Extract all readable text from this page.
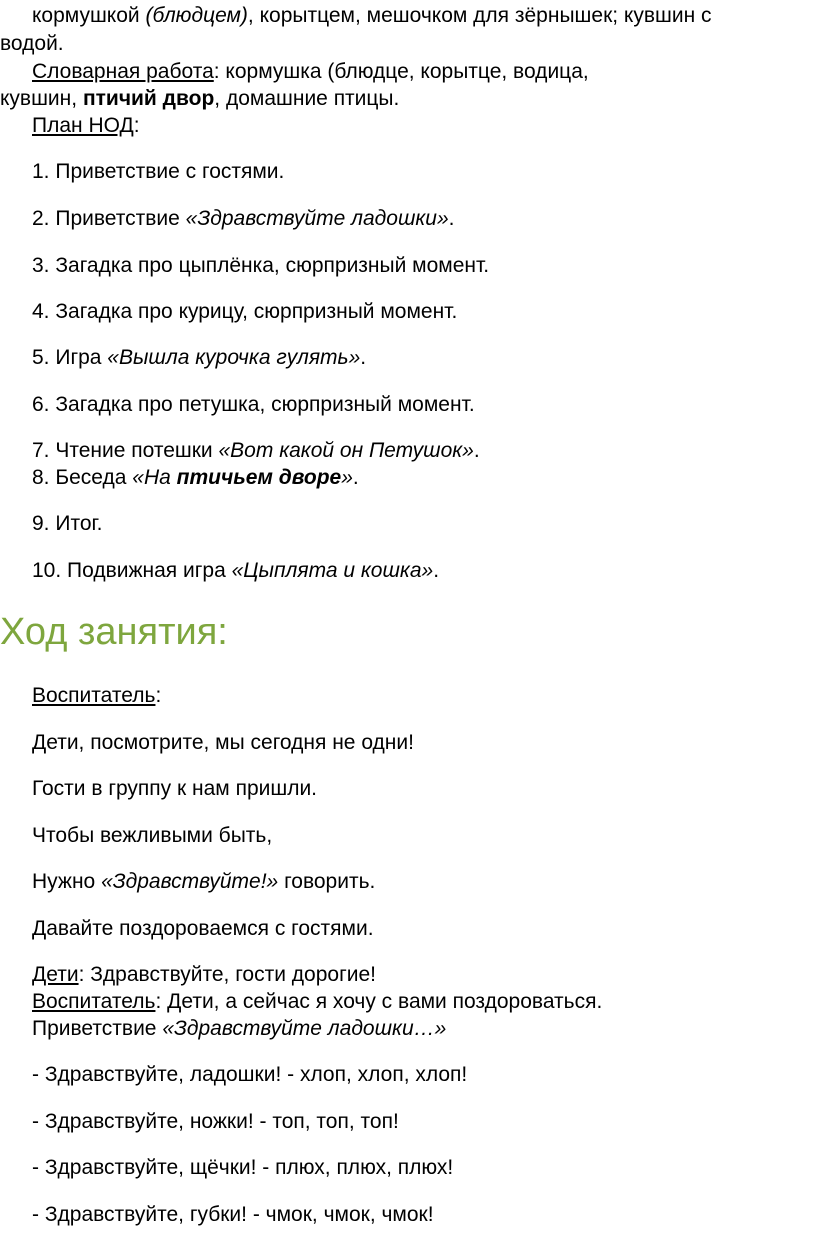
кормушкой (блюдцем), корытцем, мешочком для зёрнышек; кувшин с
водой.
Словарная работа: кормушка (блюдце, корытце, водица,
кувшин, птичий двор, домашние птицы.
План НОД:
1. Приветствие с гостями.
2. Приветствие «Здравствуйте ладошки».
3. Загадка про цыплёнка, сюрпризный момент.
4. Загадка про курицу, сюрпризный момент.
5. Игра «Вышла курочка гулять».
6. Загадка про петушка, сюрпризный момент.
7. Чтение потешки «Вот какой он Петушок».
8. Беседа «На птичьем дворе».
9. Итог.
10. Подвижная игра «Цыплята и кошка».
Ход занятия:
Воспитатель:
Дети, посмотрите, мы сегодня не одни!
Гости в группу к нам пришли.
Чтобы вежливыми быть,
Нужно «Здравствуйте!» говорить.
Давайте поздороваемся с гостями.
Дети: Здравствуйте, гости дорогие!
Воспитатель: Дети, а сейчас я хочу с вами поздороваться.
Приветствие «Здравствуйте ладошки…»
- Здравствуйте, ладошки! - хлоп, хлоп, хлоп!
- Здравствуйте, ножки! - топ, топ, топ!
- Здравствуйте, щёчки! - плюх, плюх, плюх!
- Здравствуйте, губки! - чмок, чмок, чмок!
